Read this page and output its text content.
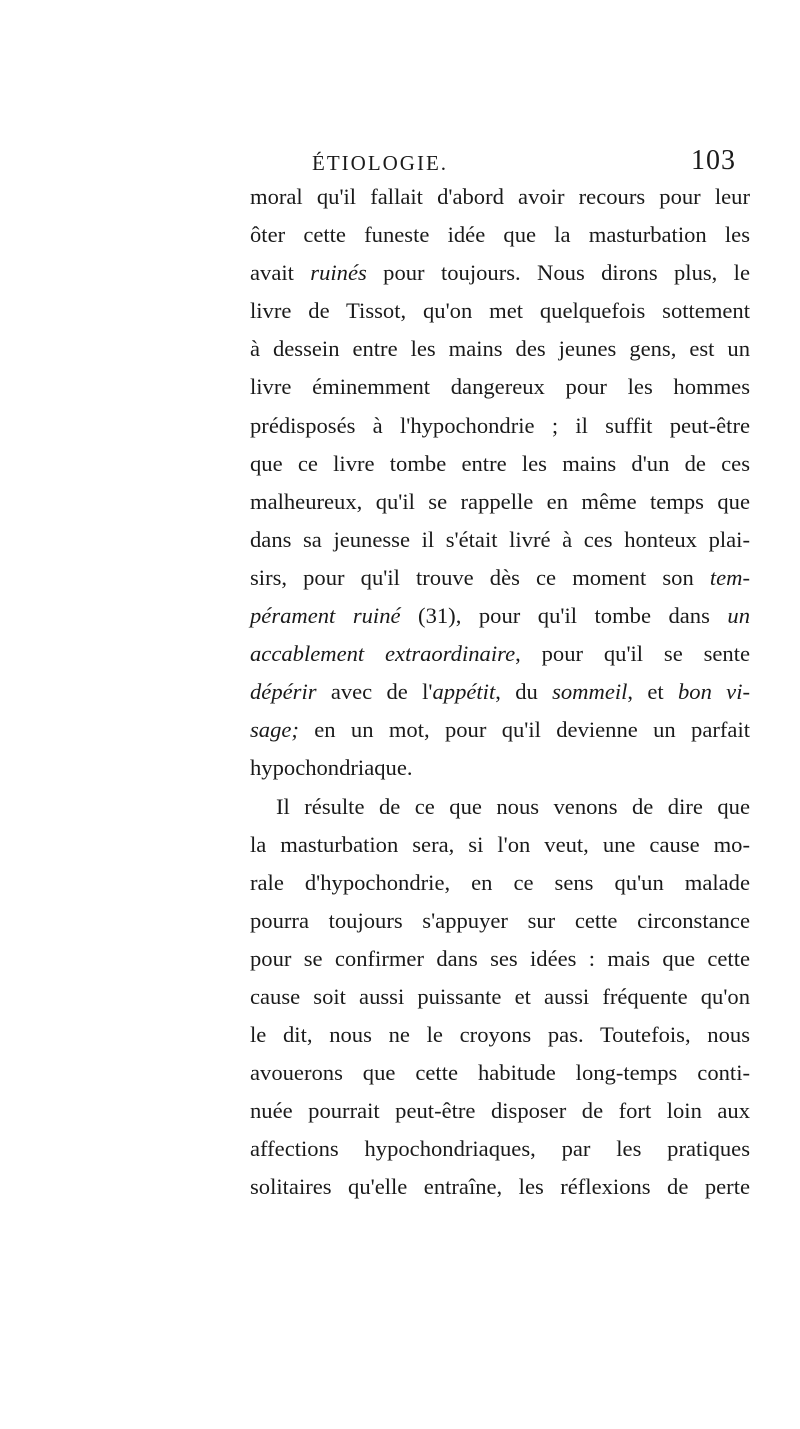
ÉTIOLOGIE.	103
moral qu'il fallait d'abord avoir recours pour leur
ôter cette funeste idée que la masturbation les
avait ruinés pour toujours. Nous dirons plus, le
livre de Tissot, qu'on met quelquefois sottement
à dessein entre les mains des jeunes gens, est un
livre éminemment dangereux pour les hommes
prédisposés à l'hypochondrie ; il suffit peut-être
que ce livre tombe entre les mains d'un de ces
malheureux, qu'il se rappelle en même temps que
dans sa jeunesse il s'était livré à ces honteux plai-
sirs, pour qu'il trouve dès ce moment son tem-
pérament ruiné (31), pour qu'il tombe dans un
accablement extraordinaire, pour qu'il se sente
dépérir avec de l'appétit, du sommeil, et bon vi-
sage; en un mot, pour qu'il devienne un parfait
hypochondriaque.
Il résulte de ce que nous venons de dire que
la masturbation sera, si l'on veut, une cause mo-
rale d'hypochondrie, en ce sens qu'un malade
pourra toujours s'appuyer sur cette circonstance
pour se confirmer dans ses idées : mais que cette
cause soit aussi puissante et aussi fréquente qu'on
le dit, nous ne le croyons pas. Toutefois, nous
avouerons que cette habitude long-temps conti-
nuée pourrait peut-être disposer de fort loin aux
affections hypochondriaques, par les pratiques
solitaires qu'elle entraîne, les réflexions de perte
